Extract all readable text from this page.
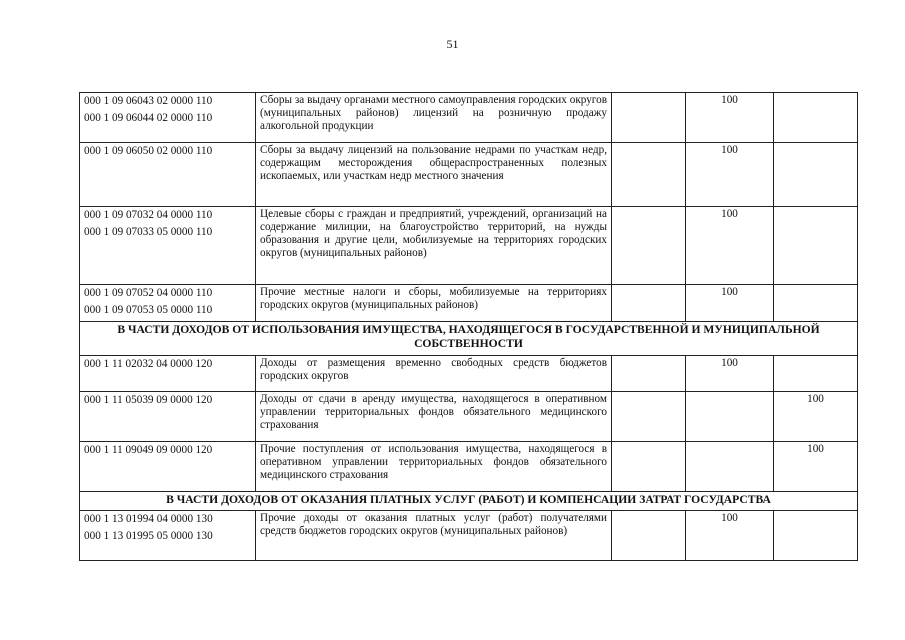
51
000 1 09 06043 02 0000 110
000 1 09 06044 02 0000 110	Сборы за выдачу органами местного самоуправления городских округов (муниципальных районов) лицензий на розничную продажу алкогольной продукции		100	

000 1 09 06050 02 0000 110	Сборы за выдачу лицензий на пользование недрами по участкам недр, содержащим месторождения общераспространенных полезных ископаемых, или участкам недр местного значения		100	

000 1 09 07032 04 0000 110
000 1 09 07033 05 0000 110	Целевые сборы с граждан и предприятий, учреждений, организаций на содержание милиции, на благоустройство территорий, на нужды образования и другие цели, мобилизуемые на территориях городских округов (муниципальных районов)		100	

000 1 09 07052 04 0000 110
000 1 09 07053 05 0000 110	Прочие местные налоги и сборы, мобилизуемые на территориях городских округов (муниципальных районов)		100	
В ЧАСТИ ДОХОДОВ ОТ ИСПОЛЬЗОВАНИЯ ИМУЩЕСТВА, НАХОДЯЩЕГОСЯ В ГОСУДАРСТВЕННОЙ И МУНИЦИПАЛЬНОЙ СОБСТВЕННОСТИ				

000 1 11 02032 04 0000 120	Доходы от размещения временно свободных средств бюджетов городских округов		100	

000 1 11 05039 09 0000 120	Доходы от сдачи в аренду имущества, находящегося в оперативном управлении территориальных фондов обязательного медицинского страхования			100

000 1 11 09049 09 0000 120	Прочие поступления от использования имущества, находящегося в оперативном управлении территориальных фондов обязательного медицинского страхования			100
В ЧАСТИ ДОХОДОВ ОТ ОКАЗАНИЯ ПЛАТНЫХ УСЛУГ (РАБОТ) И КОМПЕНСАЦИИ ЗАТРАТ ГОСУДАРСТВА				

000 1 13 01994 04 0000 130
000 1 13 01995 05 0000 130	Прочие доходы от оказания платных услуг (работ) получателями средств бюджетов городских округов (муниципальных районов)		100	
